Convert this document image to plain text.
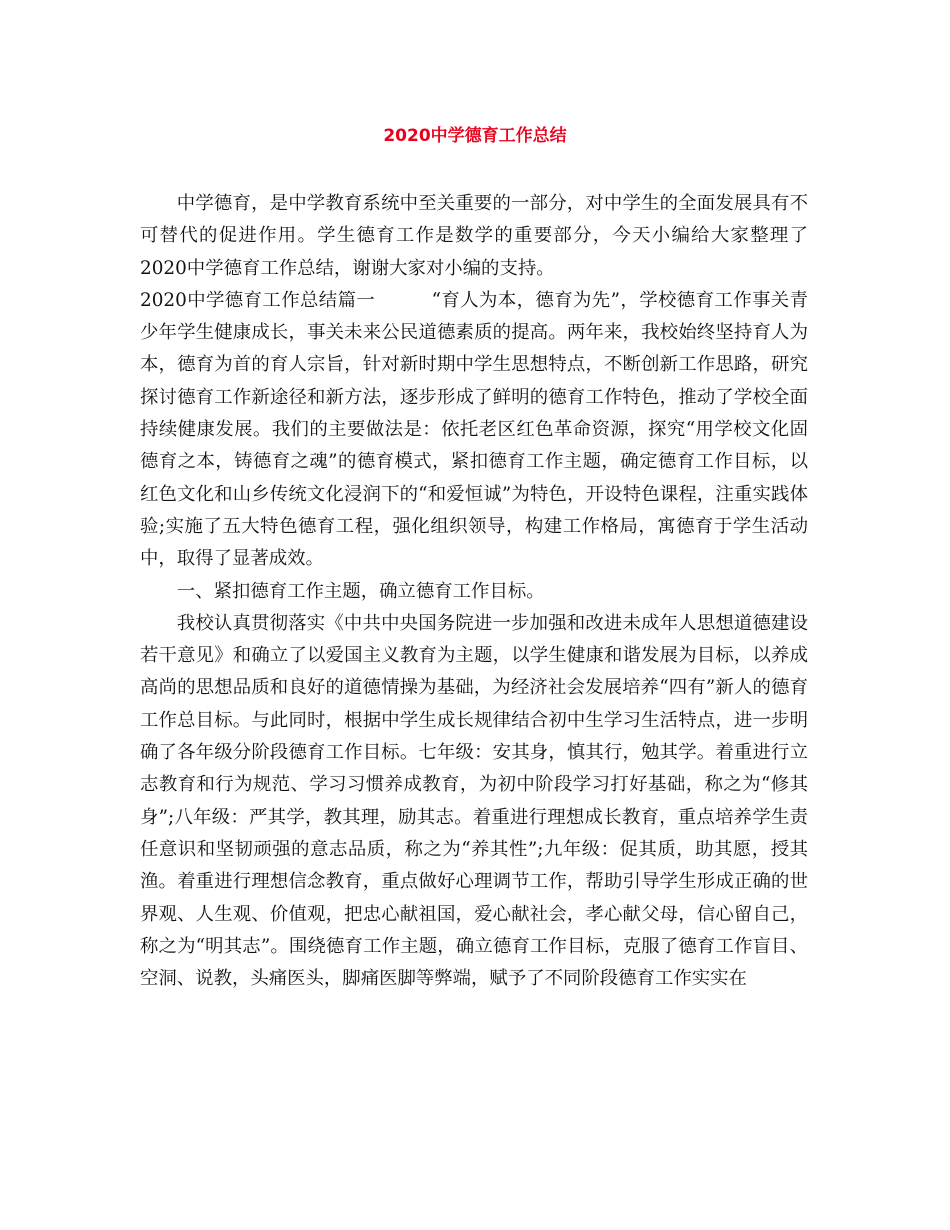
2020中学德育工作总结

中学德育，是中学教育系统中至关重要的一部分，对中学生的全面发展具有不可替代的促进作用。学生德育工作是数学的重要部分，今天小编给大家整理了2020中学德育工作总结，谢谢大家对小编的支持。

2020中学德育工作总结篇一　　　	“育人为本，德育为先”，学校德育工作事关青少年学生健康成长，事关未来公民道德素质的提高。两年来，我校始终坚持育人为本，德育为首的育人宗旨，针对新时期中学生思想特点，不断创新工作思路，研究探讨德育工作新途径和新方法，逐步形成了鲜明的德育工作特色，推动了学校全面持续健康发展。我们的主要做法是：依托老区红色革命资源，探究“用学校文化固德育之本，铸德育之魂”的德育模式，紧扣德育工作主题，确定德育工作目标，以红色文化和山乡传统文化浸润下的“和爱恒诚”为特色，开设特色课程，注重实践体验;实施了五大特色德育工程，强化组织领导，构建工作格局，寓德育于学生活动中，取得了显著成效。

一、紧扣德育工作主题，确立德育工作目标。

我校认真贯彻落实《中共中央国务院进一步加强和改进未成年人思想道德建设若干意见》和确立了以爱国主义教育为主题，以学生健康和谐发展为目标，以养成高尚的思想品质和良好的道德情操为基础，为经济社会发展培养“四有”新人的德育工作总目标。与此同时，根据中学生成长规律结合初中生学习生活特点，进一步明确了各年级分阶段德育工作目标。七年级：安其身，慎其行，勉其学。着重进行立志教育和行为规范、学习习惯养成教育，为初中阶段学习打好基础，称之为“修其身”;八年级：严其学，教其理，励其志。着重进行理想成长教育，重点培养学生责任意识和坚韧顽强的意志品质，称之为“养其性”;九年级：促其质，助其愿，授其渔。着重进行理想信念教育，重点做好心理调节工作，帮助引导学生形成正确的世界观、人生观、价值观，把忠心献祖国，爱心献社会，孝心献父母，信心留自己，称之为“明其志”。围绕德育工作主题，确立德育工作目标，克服了德育工作盲目、空洞、说教，头痛医头，脚痛医脚等弊端，赋予了不同阶段德育工作实实在
